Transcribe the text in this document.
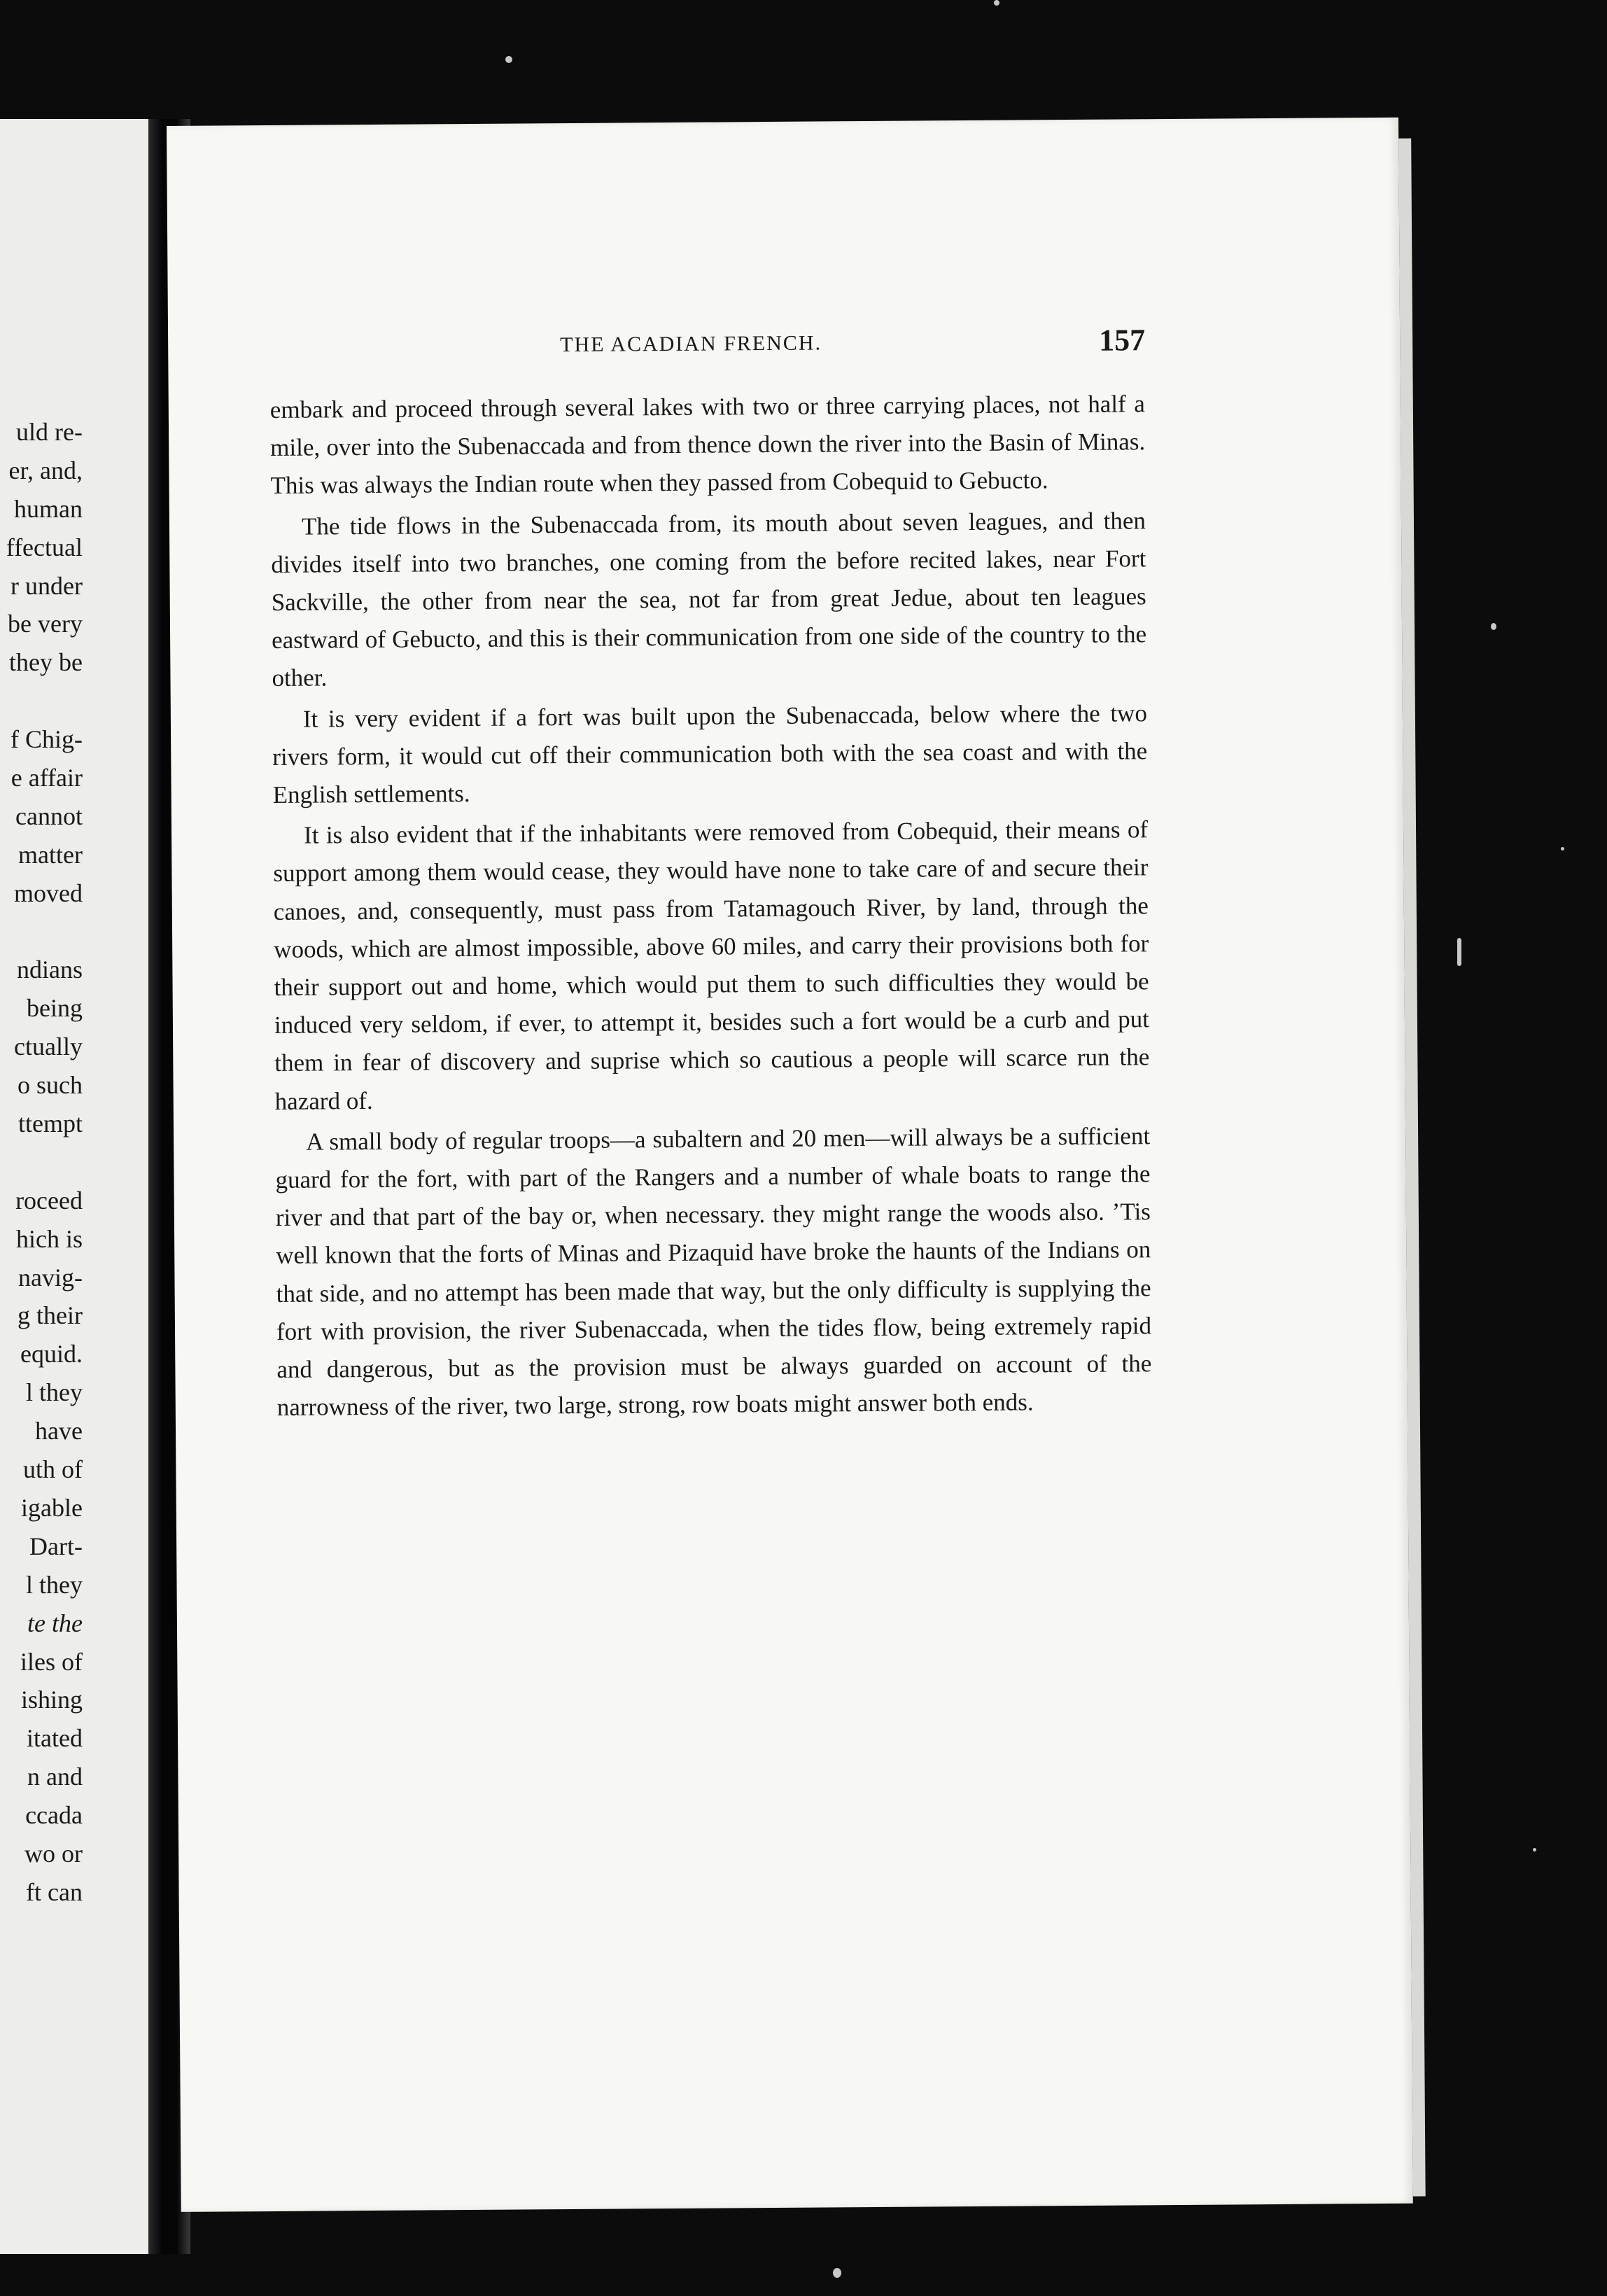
uld re-
er, and,
human
ffectual
r under
be very
they be
f Chig-
e affair
cannot
matter
moved
ndians
being
ctually
o such
ttempt
roceed
hich is
navig-
g their
equid.
l they
have
uth of
igable
Dart-
l they
te the
iles of
ishing
itated
n and
ccada
wo or
ft can
THE ACADIAN FRENCH.	157

embark and proceed through several lakes with two or three carrying places, not half a mile, over into the Subenaccada and from thence down the river into the Basin of Minas. This was always the Indian route when they passed from Cobequid to Gebucto.

The tide flows in the Subenaccada from, its mouth about seven leagues, and then divides itself into two branches, one coming from the before recited lakes, near Fort Sackville, the other from near the sea, not far from great Jedue, about ten leagues eastward of Gebucto, and this is their communication from one side of the country to the other.

It is very evident if a fort was built upon the Subenaccada, below where the two rivers form, it would cut off their communication both with the sea coast and with the English settlements.

It is also evident that if the inhabitants were removed from Cobequid, their means of support among them would cease, they would have none to take care of and secure their canoes, and, consequently, must pass from Tatamagouch River, by land, through the woods, which are almost impossible, above 60 miles, and carry their provisions both for their support out and home, which would put them to such difficulties they would be induced very seldom, if ever, to attempt it, besides such a fort would be a curb and put them in fear of discovery and suprise which so cautious a people will scarce run the hazard of.

A small body of regular troops—a subaltern and 20 men—will always be a sufficient guard for the fort, with part of the Rangers and a number of whale boats to range the river and that part of the bay or, when necessary. they might range the woods also. ’Tis well known that the forts of Minas and Pizaquid have broke the haunts of the Indians on that side, and no attempt has been made that way, but the only difficulty is supplying the fort with provision, the river Subenaccada, when the tides flow, being extremely rapid and dangerous, but as the provision must be always guarded on account of the narrowness of the river, two large, strong, row boats might answer both ends.
